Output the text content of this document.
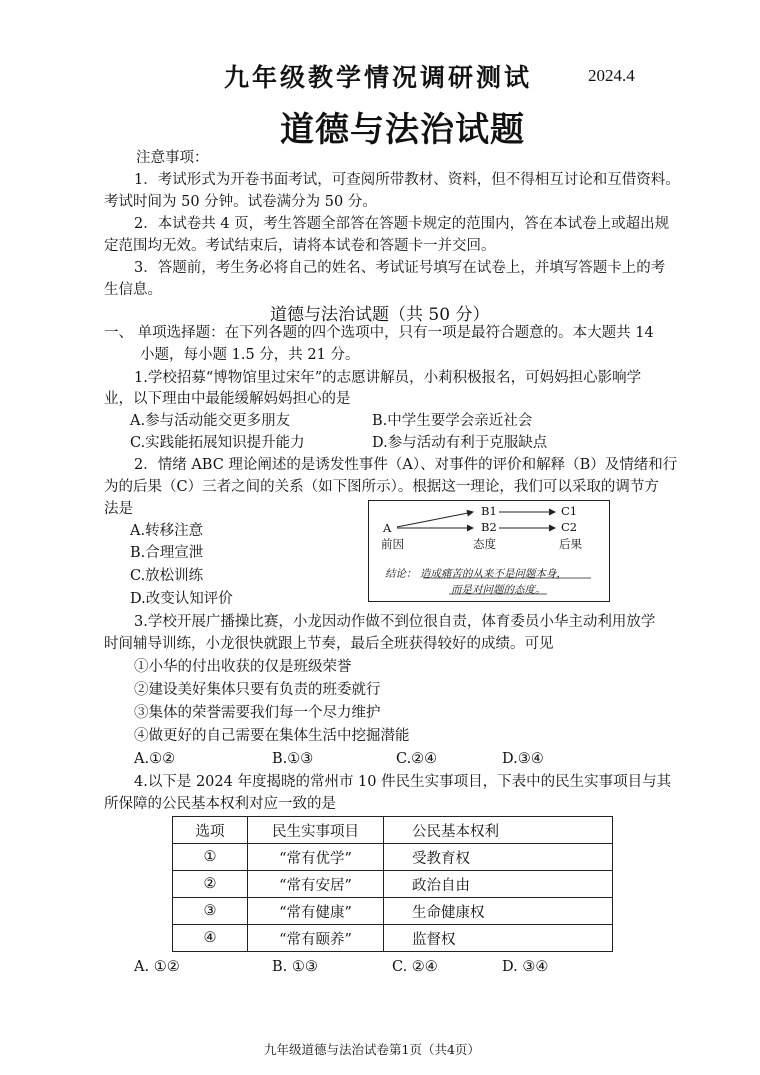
九年级教学情况调研测试	2024.4
道德与法治试题
注意事项：
1．考试形式为开卷书面考试，可查阅所带教材、资料，但不得相互讨论和互借资料。
考试时间为 50 分钟。试卷满分为 50 分。
2．本试卷共 4 页，考生答题全部答在答题卡规定的范围内，答在本试卷上或超出规
定范围均无效。考试结束后，请将本试卷和答题卡一并交回。
3．答题前，考生务必将自己的姓名、考试证号填写在试卷上，并填写答题卡上的考
生信息。
道德与法治试题（共 50 分）
一、 单项选择题：在下列各题的四个选项中，只有一项是最符合题意的。本大题共 14
小题，每小题 1.5 分，共 21 分。
1.学校招募“博物馆里过宋年”的志愿讲解员，小莉积极报名，可妈妈担心影响学
业，以下理由中最能缓解妈妈担心的是
A.参与活动能交更多朋友	B.中学生要学会亲近社会
C.实践能拓展知识提升能力	D.参与活动有利于克服缺点
2．情绪 ABC 理论阐述的是诱发性事件（A）、对事件的评价和解释（B）及情绪和行
为的后果（C）三者之间的关系（如下图所示）。根据这一理论，我们可以采取的调节方
法是
A.转移注意
B.合理宣泄
C.放松训练
D.改变认知评价
A
B1
B2
C1
C2
前因	态度	后果
结论： 造成痛苦的从来不是问题本身，
而是对问题的态度。
3.学校开展广播操比赛，小龙因动作做不到位很自责，体育委员小华主动利用放学
时间辅导训练，小龙很快就跟上节奏，最后全班获得较好的成绩。可见
①小华的付出收获的仅是班级荣誉
②建设美好集体只要有负责的班委就行
③集体的荣誉需要我们每一个尽力维护
④做更好的自己需要在集体生活中挖掘潜能
A.①②	B.①③	C.②④	D.③④
4.以下是 2024 年度揭晓的常州市 10 件民生实事项目，下表中的民生实事项目与其
所保障的公民基本权利对应一致的是
选项	民生实事项目	公民基本权利
①	“常有优学”	受教育权
②	“常有安居”	政治自由
③	“常有健康”	生命健康权
④	“常有颐养”	监督权
A. ①②	B. ①③	C. ②④	D. ③④
九年级道德与法治试卷第1页（共4页）
